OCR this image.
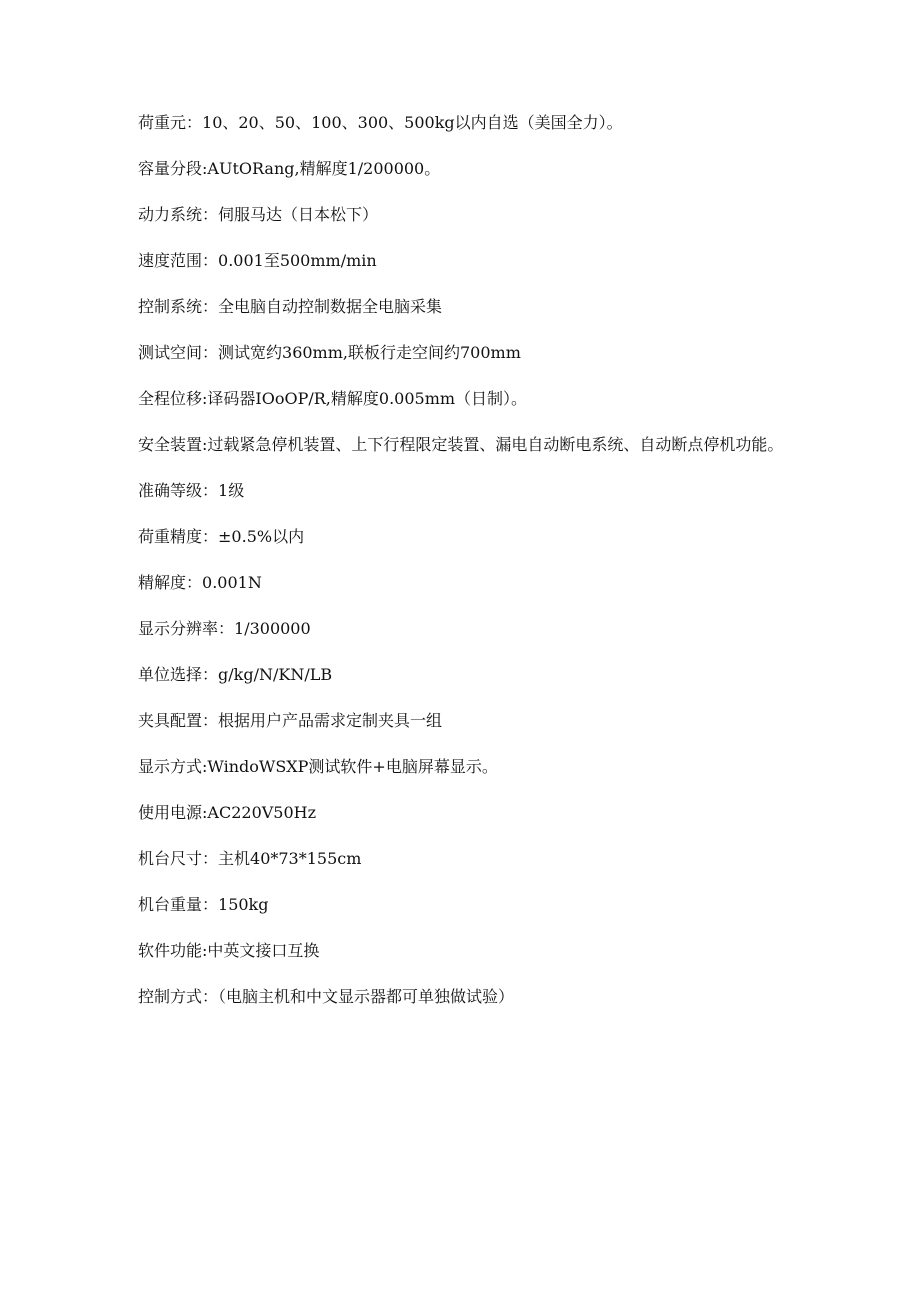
荷重元：10、20、50、100、300、500kg以内自选（美国全力）。
容量分段:AUtORang,精解度1/200000。
动力系统：伺服马达（日本松下）
速度范围：0.001至500mm/min
控制系统：全电脑自动控制数据全电脑采集
测试空间：测试宽约360mm,联板行走空间约700mm
全程位移:译码器IOoOP/R,精解度0.005mm（日制）。
安全装置:过载紧急停机装置、上下行程限定装置、漏电自动断电系统、自动断点停机功能。
准确等级：1级
荷重精度：±0.5%以内
精解度：0.001N
显示分辨率：1/300000
单位选择：g/kg/N/KN/LB
夹具配置：根据用户产品需求定制夹具一组
显示方式:WindoWSXP测试软件+电脑屏幕显示。
使用电源:AC220V50Hz
机台尺寸：主机40*73*155cm
机台重量：150kg
软件功能:中英文接口互换
控制方式：（电脑主机和中文显示器都可单独做试验）
